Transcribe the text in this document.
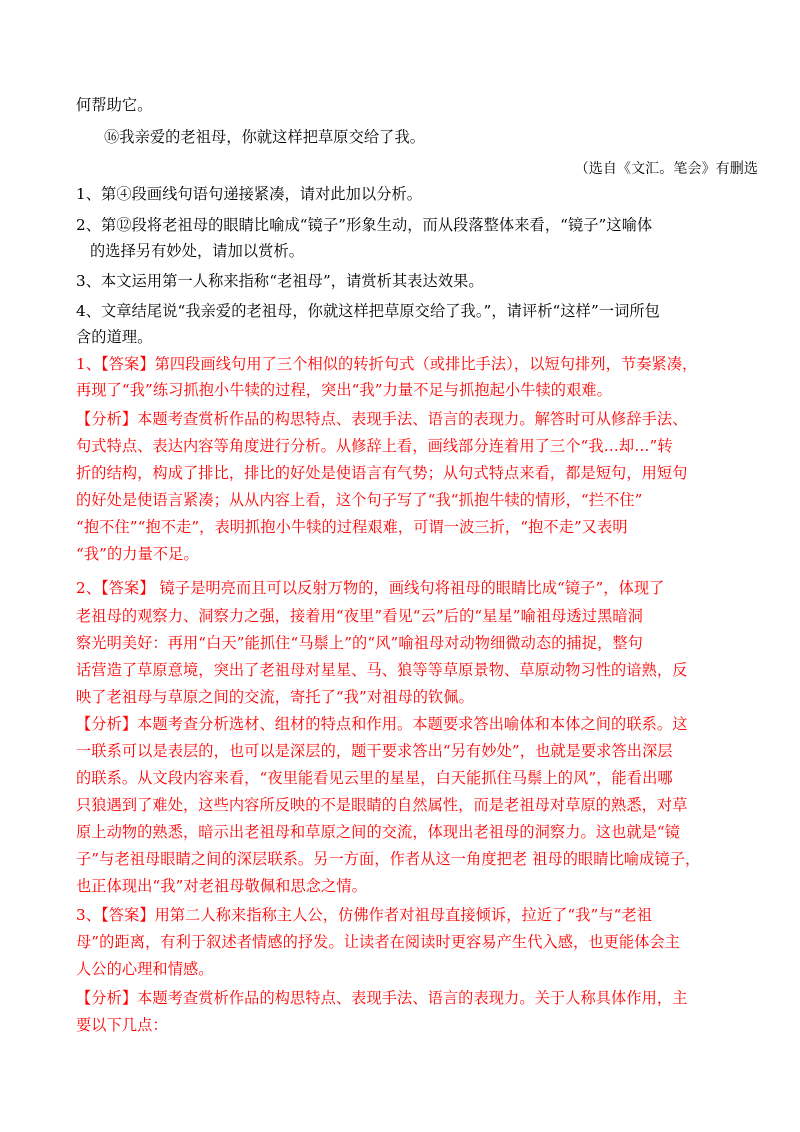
何帮助它。
⑯我亲爱的老祖母，你就这样把草原交给了我。
（选自《文汇。笔会》有删选
1、第④段画线句语句递接紧凑，请对此加以分析。
2、第⑫段将老祖母的眼睛比喻成“镜子”形象生动，而从段落整体来看，“镜子”这喻体
的选择另有妙处，请加以赏析。
3、本文运用第一人称来指称“老祖母”，请赏析其表达效果。
4、文章结尾说“我亲爱的老祖母，你就这样把草原交给了我。”，请评析“这样”一词所包
含的道理。
1、【答案】第四段画线句用了三个相似的转折句式（或排比手法），以短句排列，节奏紧凑，
再现了“我”练习抓抱小牛犊的过程，突出“我”力量不足与抓抱起小牛犊的艰难。
【分析】本题考查赏析作品的构思特点、表现手法、语言的表现力。解答时可从修辞手法、
句式特点、表达内容等角度进行分析。从修辞上看，画线部分连着用了三个“我…却…”转
折的结构，构成了排比，排比的好处是使语言有气势；从句式特点来看，都是短句，用短句
的好处是使语言紧凑；从从内容上看，这个句子写了“我“抓抱牛犊的情形，“拦不住”
“抱不住”“抱不走”，表明抓抱小牛犊的过程艰难，可谓一波三折，“抱不走”又表明
“我”的力量不足。
2、【答案】 镜子是明亮而且可以反射万物的，画线句将祖母的眼睛比成“镜子”，体现了
老祖母的观察力、洞察力之强，接着用“夜里”看见“云”后的“星星”喻祖母透过黑暗洞
察光明美好：再用“白天”能抓住“马鬃上”的“风”喻祖母对动物细微动态的捕捉，整句
话营造了草原意境，突出了老祖母对星星、马、狼等等草原景物、草原动物习性的谙熟，反
映了老祖母与草原之间的交流，寄托了“我”对祖母的钦佩。
【分析】本题考查分析选材、组材的特点和作用。本题要求答出喻体和本体之间的联系。这
一联系可以是表层的，也可以是深层的，题干要求答出“另有妙处”，也就是要求答出深层
的联系。从文段内容来看，“夜里能看见云里的星星，白天能抓住马鬃上的风”，能看出哪
只狼遇到了难处，这些内容所反映的不是眼睛的自然属性，而是老祖母对草原的熟悉，对草
原上动物的熟悉，暗示出老祖母和草原之间的交流，体现出老祖母的洞察力。这也就是“镜
子”与老祖母眼睛之间的深层联系。另一方面，作者从这一角度把老 祖母的眼睛比喻成镜子，
也正体现出“我”对老祖母敬佩和思念之情。
3、【答案】用第二人称来指称主人公，仿佛作者对祖母直接倾诉，拉近了“我”与“老祖
母”的距离，有利于叙述者情感的抒发。让读者在阅读时更容易产生代入感，也更能体会主
人公的心理和情感。
【分析】本题考查赏析作品的构思特点、表现手法、语言的表现力。关于人称具体作用，主
要以下几点：
